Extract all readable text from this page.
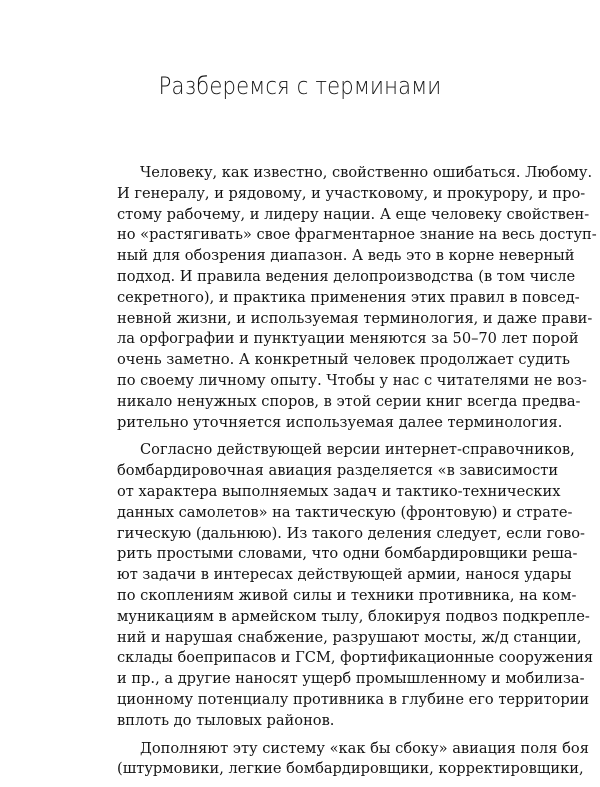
Разберемся с терминами
Человеку, как известно, свойственно ошибаться. Любому.
И генералу, и рядовому, и участковому, и прокурору, и про-
стому рабочему, и лидеру нации. А еще человеку свойствен-
но «растягивать» свое фрагментарное знание на весь доступ-
ный для обозрения диапазон. А ведь это в корне неверный
подход. И правила ведения делопроизводства (в том числе
секретного), и практика применения этих правил в повсед-
невной жизни, и используемая терминология, и даже прави-
ла орфографии и пунктуации меняются за 50–70 лет порой
очень заметно. А конкретный человек продолжает судить
по своему личному опыту. Чтобы у нас с читателями не воз-
никало ненужных споров, в этой серии книг всегда предва-
рительно уточняется используемая далее терминология.
Согласно действующей версии интернет-справочников,
бомбардировочная авиация разделяется «в зависимости
от характера выполняемых задач и тактико-технических
данных самолетов» на тактическую (фронтовую) и страте-
гическую (дальнюю). Из такого деления следует, если гово-
рить простыми словами, что одни бомбардировщики реша-
ют задачи в интересах действующей армии, нанося удары
по скоплениям живой силы и техники противника, на ком-
муникациям в армейском тылу, блокируя подвоз подкрепле-
ний и нарушая снабжение, разрушают мосты, ж/д станции,
склады боеприпасов и ГСМ, фортификационные сооружения
и пр., а другие наносят ущерб промышленному и мобилиза-
ционному потенциалу противника в глубине его территории
вплоть до тыловых районов.
Дополняют эту систему «как бы сбоку» авиация поля боя
(штурмовики, легкие бомбардировщики, корректировщики,
